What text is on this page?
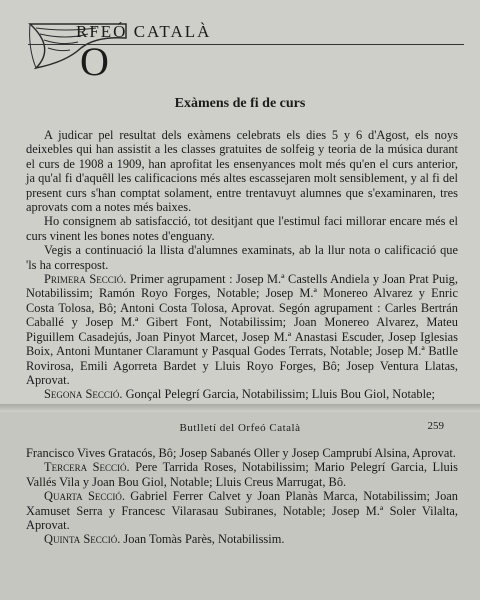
O
RFEÓ CATALÀ
Exàmens de fi de curs

A judicar pel resultat dels exàmens celebrats els dies 5 y 6 d'Agost, els noys deixebles qui han assistit a les classes gratuites de solfeig y teoria de la música durant el curs de 1908 a 1909, han aprofitat les ensenyances molt més qu'en el curs anterior, ja qu'al fi d'aquêll les calificacions més altes escassejaren molt sensiblement, y al fi del present curs s'han comptat solament, entre trentavuyt alumnes que s'examinaren, tres aprovats com a notes més baixes.

Ho consignem ab satisfacció, tot desitjant que l'estimul faci millorar encare més el curs vinent les bones notes d'enguany.

Vegis a continuació la llista d'alumnes examinats, ab la llur nota o calificació que 'ls ha correspost.

Primera Secció. Primer agrupament : Josep M.ª Castells Andiela y Joan Prat Puig, Notabilissim; Ramón Royo Forges, Notable; Josep M.ª Monereo Alvarez y Enric Costa Tolosa, Bô; Antoni Costa Tolosa, Aprovat. Segón agrupament : Carles Bertrán Caballé y Josep M.ª Gibert Font, Notabilissim; Joan Monereo Alvarez, Mateu Piguillem Casadejús, Joan Pinyot Marcet, Josep M.ª Anastasi Escuder, Josep Iglesias Boix, Antoni Muntaner Claramunt y Pasqual Godes Terrats, Notable; Josep M.ª Batlle Rovirosa, Emili Agorreta Bardet y Lluis Royo Forges, Bô; Josep Ventura Llatas, Aprovat.

Segona Secció. Gonçal Pelegrí Garcia, Notabilissim; Lluis Bou Giol, Notable;

Butlletí del Orfeó Català	259

Francisco Vives Gratacós, Bô; Josep Sabanés Oller y Josep Camprubí Alsina, Aprovat.

Tercera Secció. Pere Tarrida Roses, Notabilissim; Mario Pelegrí Garcia, Lluis Vallés Vila y Joan Bou Giol, Notable; Lluis Creus Marrugat, Bô.

Quarta Secció. Gabriel Ferrer Calvet y Joan Planàs Marca, Notabilissim; Joan Xamuset Serra y Francesc Vilarasau Subiranes, Notable; Josep M.ª Soler Vilalta, Aprovat.

Quinta Secció. Joan Tomàs Parès, Notabilissim.
